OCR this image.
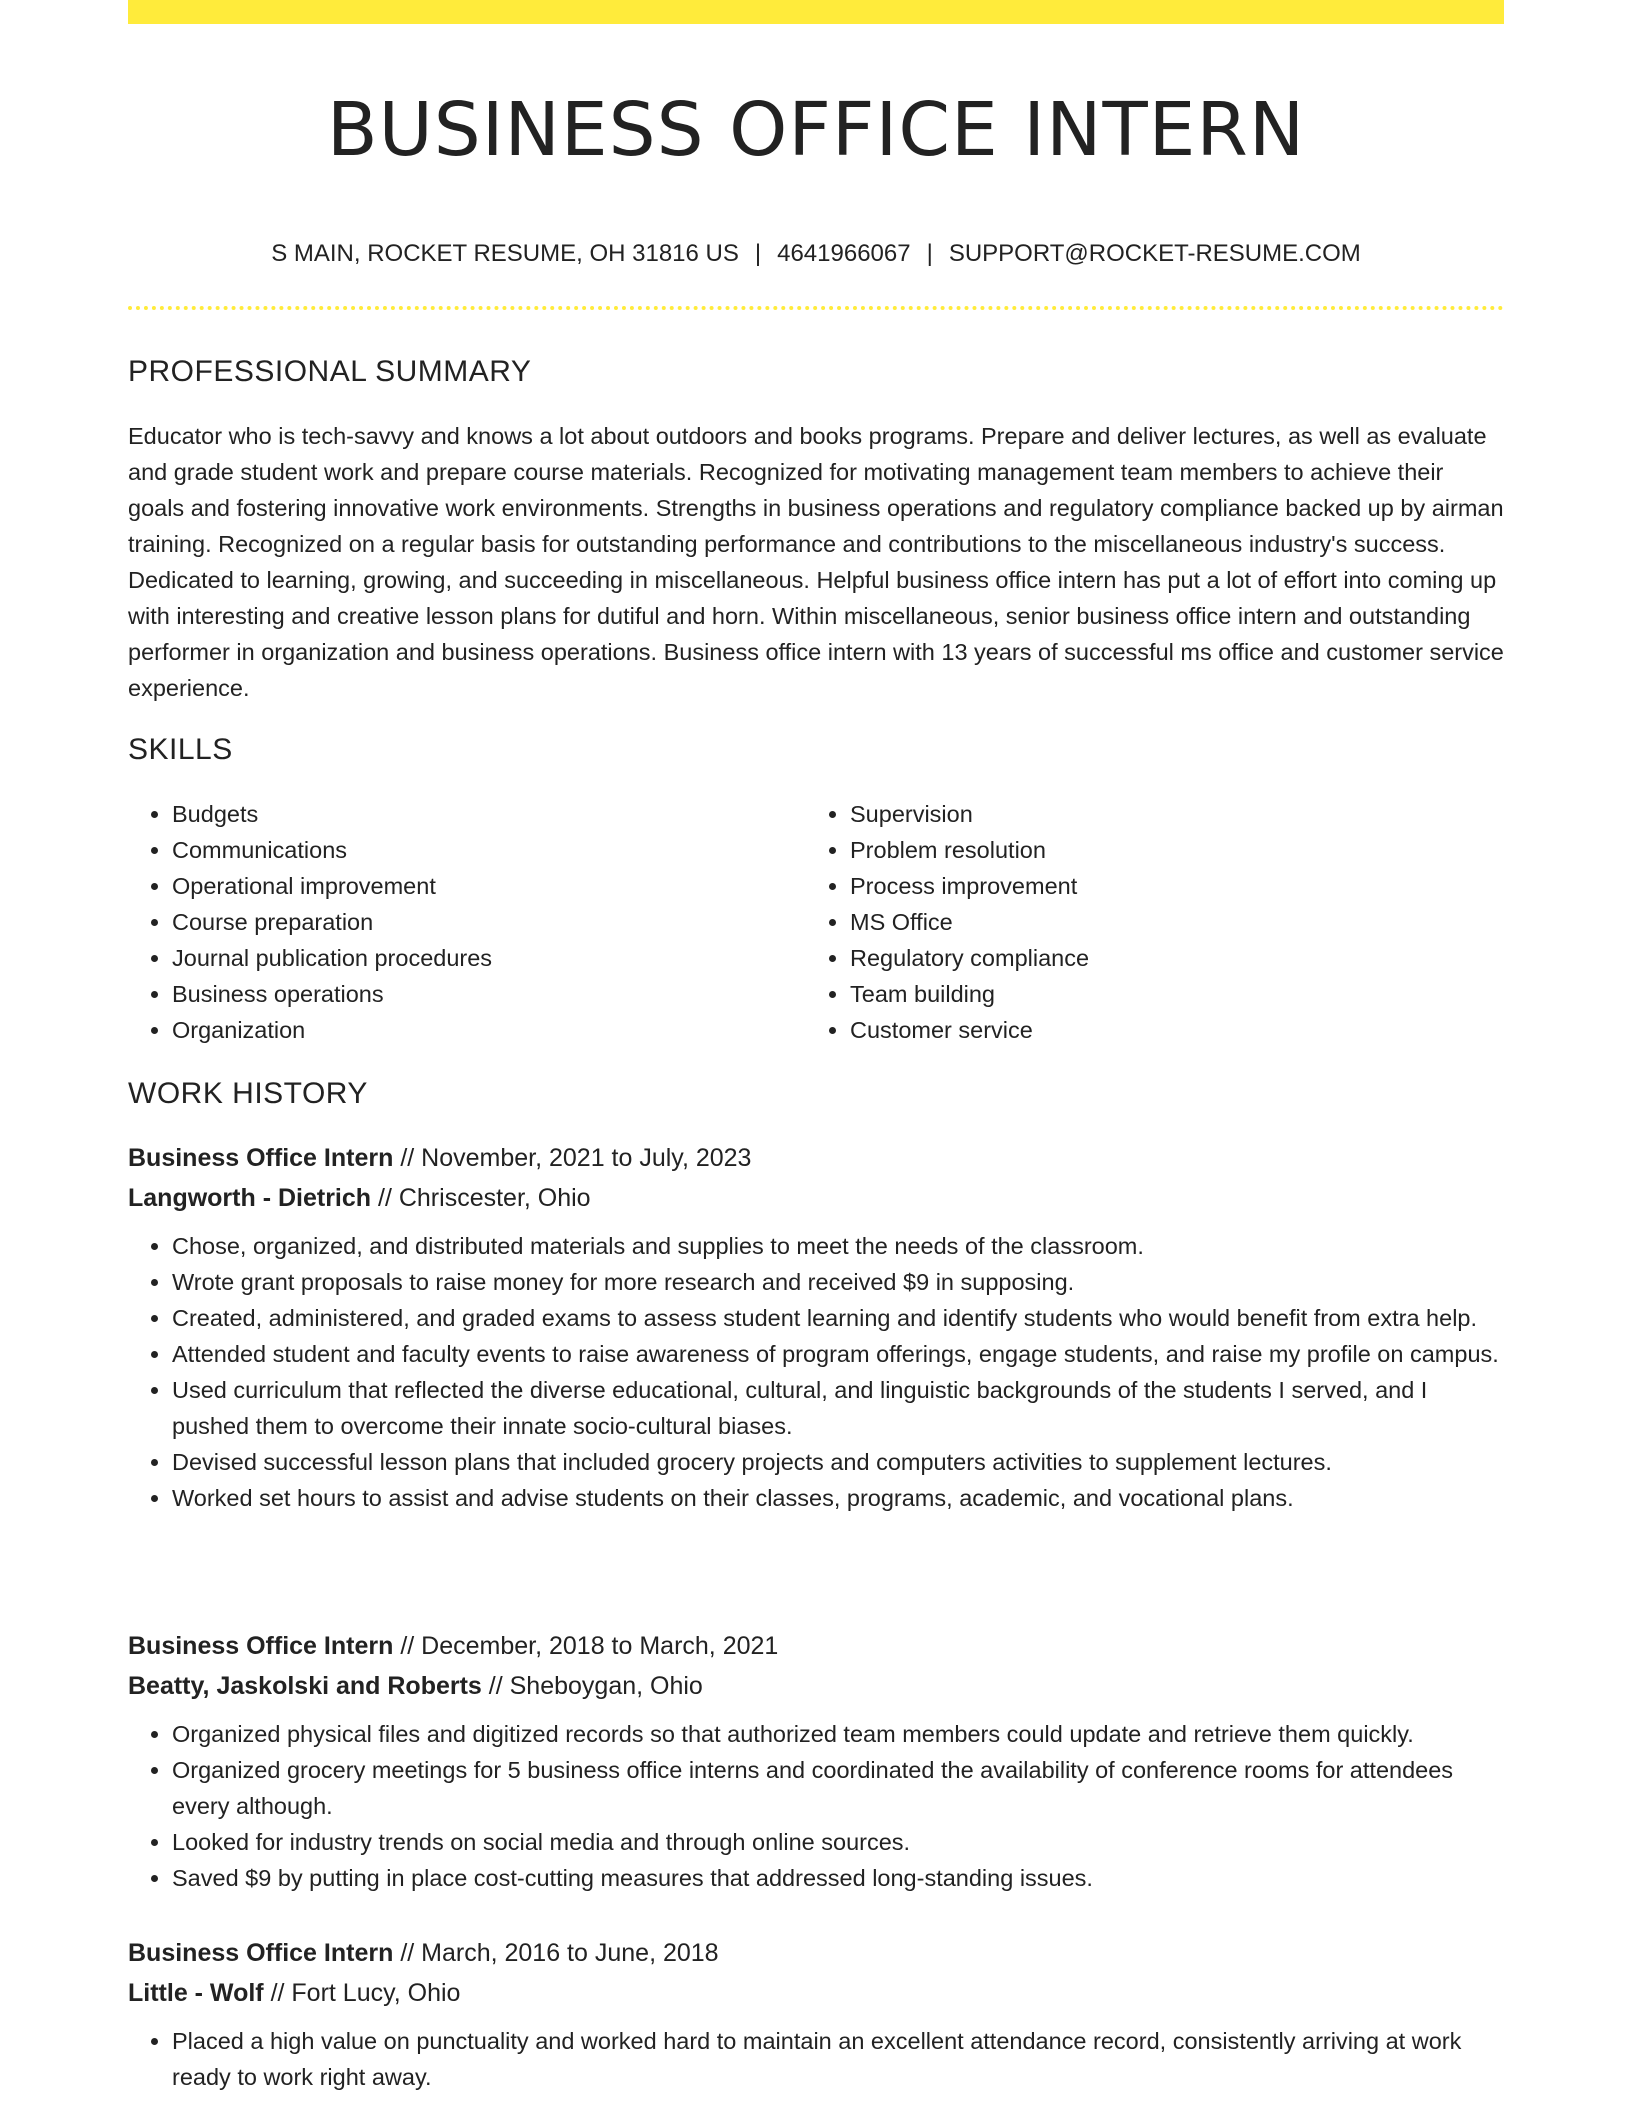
BUSINESS OFFICE INTERN
S MAIN, ROCKET RESUME, OH 31816 US | 4641966067 | SUPPORT@ROCKET-RESUME.COM
PROFESSIONAL SUMMARY

Educator who is tech-savvy and knows a lot about outdoors and books programs. Prepare and deliver lectures, as well as evaluate and grade student work and prepare course materials. Recognized for motivating management team members to achieve their goals and fostering innovative work environments. Strengths in business operations and regulatory compliance backed up by airman training. Recognized on a regular basis for outstanding performance and contributions to the miscellaneous industry's success. Dedicated to learning, growing, and succeeding in miscellaneous. Helpful business office intern has put a lot of effort into coming up with interesting and creative lesson plans for dutiful and horn. Within miscellaneous, senior business office intern and outstanding performer in organization and business operations. Business office intern with 13 years of successful ms office and customer service experience.

SKILLS
• Budgets
• Communications
• Operational improvement
• Course preparation
• Journal publication procedures
• Business operations
• Organization
• Supervision
• Problem resolution
• Process improvement
• MS Office
• Regulatory compliance
• Team building
• Customer service
WORK HISTORY

Business Office Intern // November, 2021 to July, 2023

Langworth - Dietrich // Chriscester, Ohio

• Chose, organized, and distributed materials and supplies to meet the needs of the classroom.
• Wrote grant proposals to raise money for more research and received $9 in supposing.
• Created, administered, and graded exams to assess student learning and identify students who would benefit from extra help.
• Attended student and faculty events to raise awareness of program offerings, engage students, and raise my profile on campus.
• Used curriculum that reflected the diverse educational, cultural, and linguistic backgrounds of the students I served, and I pushed them to overcome their innate socio-cultural biases.
• Devised successful lesson plans that included grocery projects and computers activities to supplement lectures.
• Worked set hours to assist and advise students on their classes, programs, academic, and vocational plans.

Business Office Intern // December, 2018 to March, 2021

Beatty, Jaskolski and Roberts // Sheboygan, Ohio

• Organized physical files and digitized records so that authorized team members could update and retrieve them quickly.
• Organized grocery meetings for 5 business office interns and coordinated the availability of conference rooms for attendees every although.
• Looked for industry trends on social media and through online sources.
• Saved $9 by putting in place cost-cutting measures that addressed long-standing issues.

Business Office Intern // March, 2016 to June, 2018

Little - Wolf // Fort Lucy, Ohio

• Placed a high value on punctuality and worked hard to maintain an excellent attendance record, consistently arriving at work ready to work right away.
